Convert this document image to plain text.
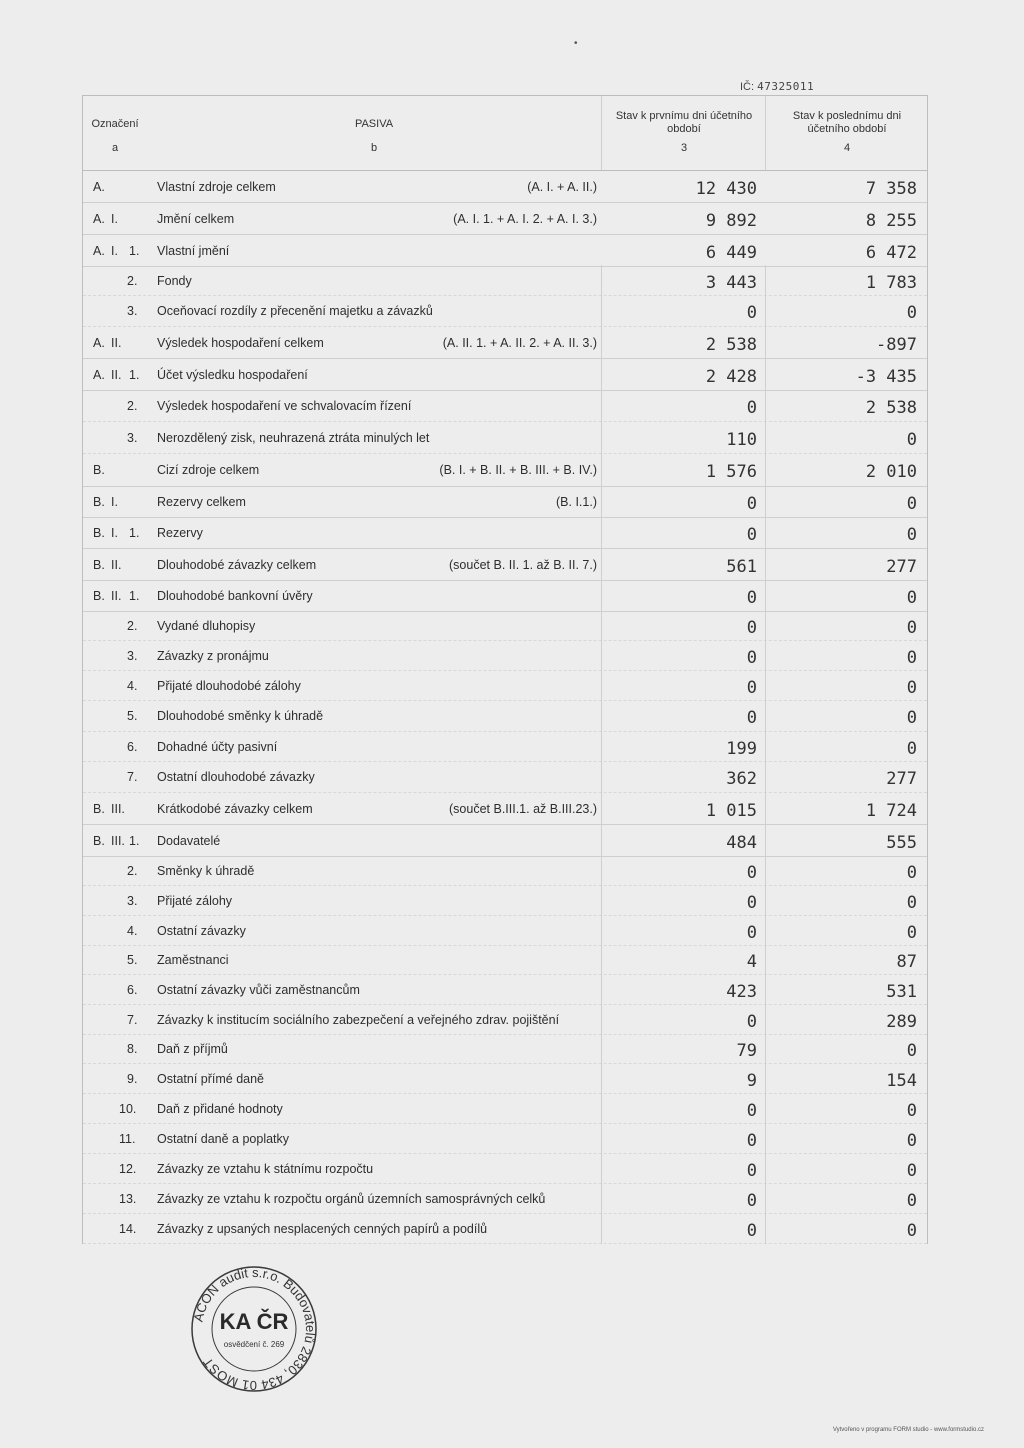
IČ: 47325011
•
Označení
a
PASIVA
b
Stav k prvnímu dni účetního období
3
Stav k poslednímu dni účetního období
4
A.	Vlastní zdroje celkem	(A. I. + A. II.)	12 430	7 358
A. I.	Jmění celkem	(A. I. 1. + A. I. 2. + A. I. 3.)	9 892	8 255
A. I. 1. Vlastní jmění	6 449	6 472
2. Fondy	3 443	1 783
3. Oceňovací rozdíly z přecenění majetku a závazků	0	0
A. II.	Výsledek hospodaření celkem	(A. II. 1. + A. II. 2. + A. II. 3.)	2 538	-897
A. II. 1. Účet výsledku hospodaření	2 428	-3 435
2. Výsledek hospodaření ve schvalovacím řízení	0	2 538
3. Nerozdělený zisk, neuhrazená ztráta minulých let	110	0
B.	Cizí zdroje celkem	(B. I. + B. II. + B. III. + B. IV.)	1 576	2 010
B. I.	Rezervy celkem	(B. I.1.)	0	0
B. I. 1. Rezervy	0	0
B. II.	Dlouhodobé závazky celkem	(součet B. II. 1. až B. II. 7.)	561	277
B. II. 1. Dlouhodobé bankovní úvěry	0	0
2. Vydané dluhopisy	0	0
3. Závazky z pronájmu	0	0
4. Přijaté dlouhodobé zálohy	0	0
5. Dlouhodobé směnky k úhradě	0	0
6. Dohadné účty pasivní	199	0
7. Ostatní dlouhodobé závazky	362	277
B. III.	Krátkodobé závazky celkem	(součet B.III.1. až B.III.23.)	1 015	1 724
B. III. 1. Dodavatelé	484	555
2. Směnky k úhradě	0	0
3. Přijaté zálohy	0	0
4. Ostatní závazky	0	0
5. Zaměstnanci	4	87
6. Ostatní závazky vůči zaměstnancům	423	531
7. Závazky k institucím sociálního zabezpečení a veřejného zdrav. pojištění	0	289
8. Daň z příjmů	79	0
9. Ostatní přímé daně	9	154
10. Daň z přidané hodnoty	0	0
11. Ostatní daně a poplatky	0	0
12. Závazky ze vztahu k státnímu rozpočtu	0	0
13. Závazky ze vztahu k rozpočtu orgánů územních samosprávných celků	0	0
14. Závazky z upsaných nesplacených cenných papírů a podílů	0	0
ACON audit s.r.o. Budovatelů 2830, 434 01 MOST
KA ČR
osvědčení č. 269
Vytvořeno v programu FORM studio - www.formstudio.cz
